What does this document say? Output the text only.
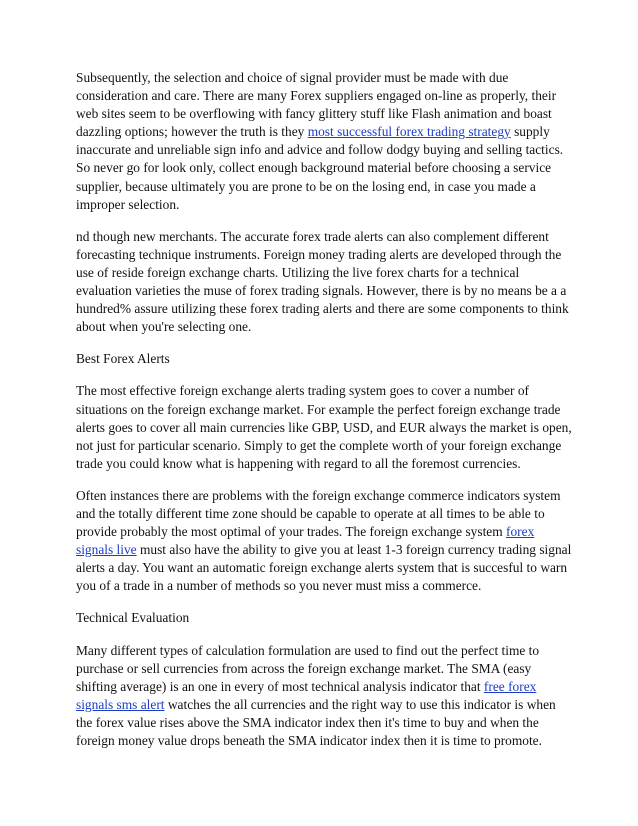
Subsequently, the selection and choice of signal provider must be made with due consideration and care. There are many Forex suppliers engaged on-line as properly, their web sites seem to be overflowing with fancy glittery stuff like Flash animation and boast dazzling options; however the truth is they most successful forex trading strategy supply inaccurate and unreliable sign info and advice and follow dodgy buying and selling tactics. So never go for look only, collect enough background material before choosing a service supplier, because ultimately you are prone to be on the losing end, in case you made a improper selection.

nd though new merchants. The accurate forex trade alerts can also complement different forecasting technique instruments. Foreign money trading alerts are developed through the use of reside foreign exchange charts. Utilizing the live forex charts for a technical evaluation varieties the muse of forex trading signals. However, there is by no means be a a hundred% assure utilizing these forex trading alerts and there are some components to think about when you're selecting one.

Best Forex Alerts

The most effective foreign exchange alerts trading system goes to cover a number of situations on the foreign exchange market. For example the perfect foreign exchange trade alerts goes to cover all main currencies like GBP, USD, and EUR always the market is open, not just for particular scenario. Simply to get the complete worth of your foreign exchange trade you could know what is happening with regard to all the foremost currencies.

Often instances there are problems with the foreign exchange commerce indicators system and the totally different time zone should be capable to operate at all times to be able to provide probably the most optimal of your trades. The foreign exchange system forex signals live must also have the ability to give you at least 1-3 foreign currency trading signal alerts a day. You want an automatic foreign exchange alerts system that is succesful to warn you of a trade in a number of methods so you never must miss a commerce.

Technical Evaluation

Many different types of calculation formulation are used to find out the perfect time to purchase or sell currencies from across the foreign exchange market. The SMA (easy shifting average) is an one in every of most technical analysis indicator that free forex signals sms alert watches the all currencies and the right way to use this indicator is when the forex value rises above the SMA indicator index then it's time to buy and when the foreign money value drops beneath the SMA indicator index then it is time to promote.
